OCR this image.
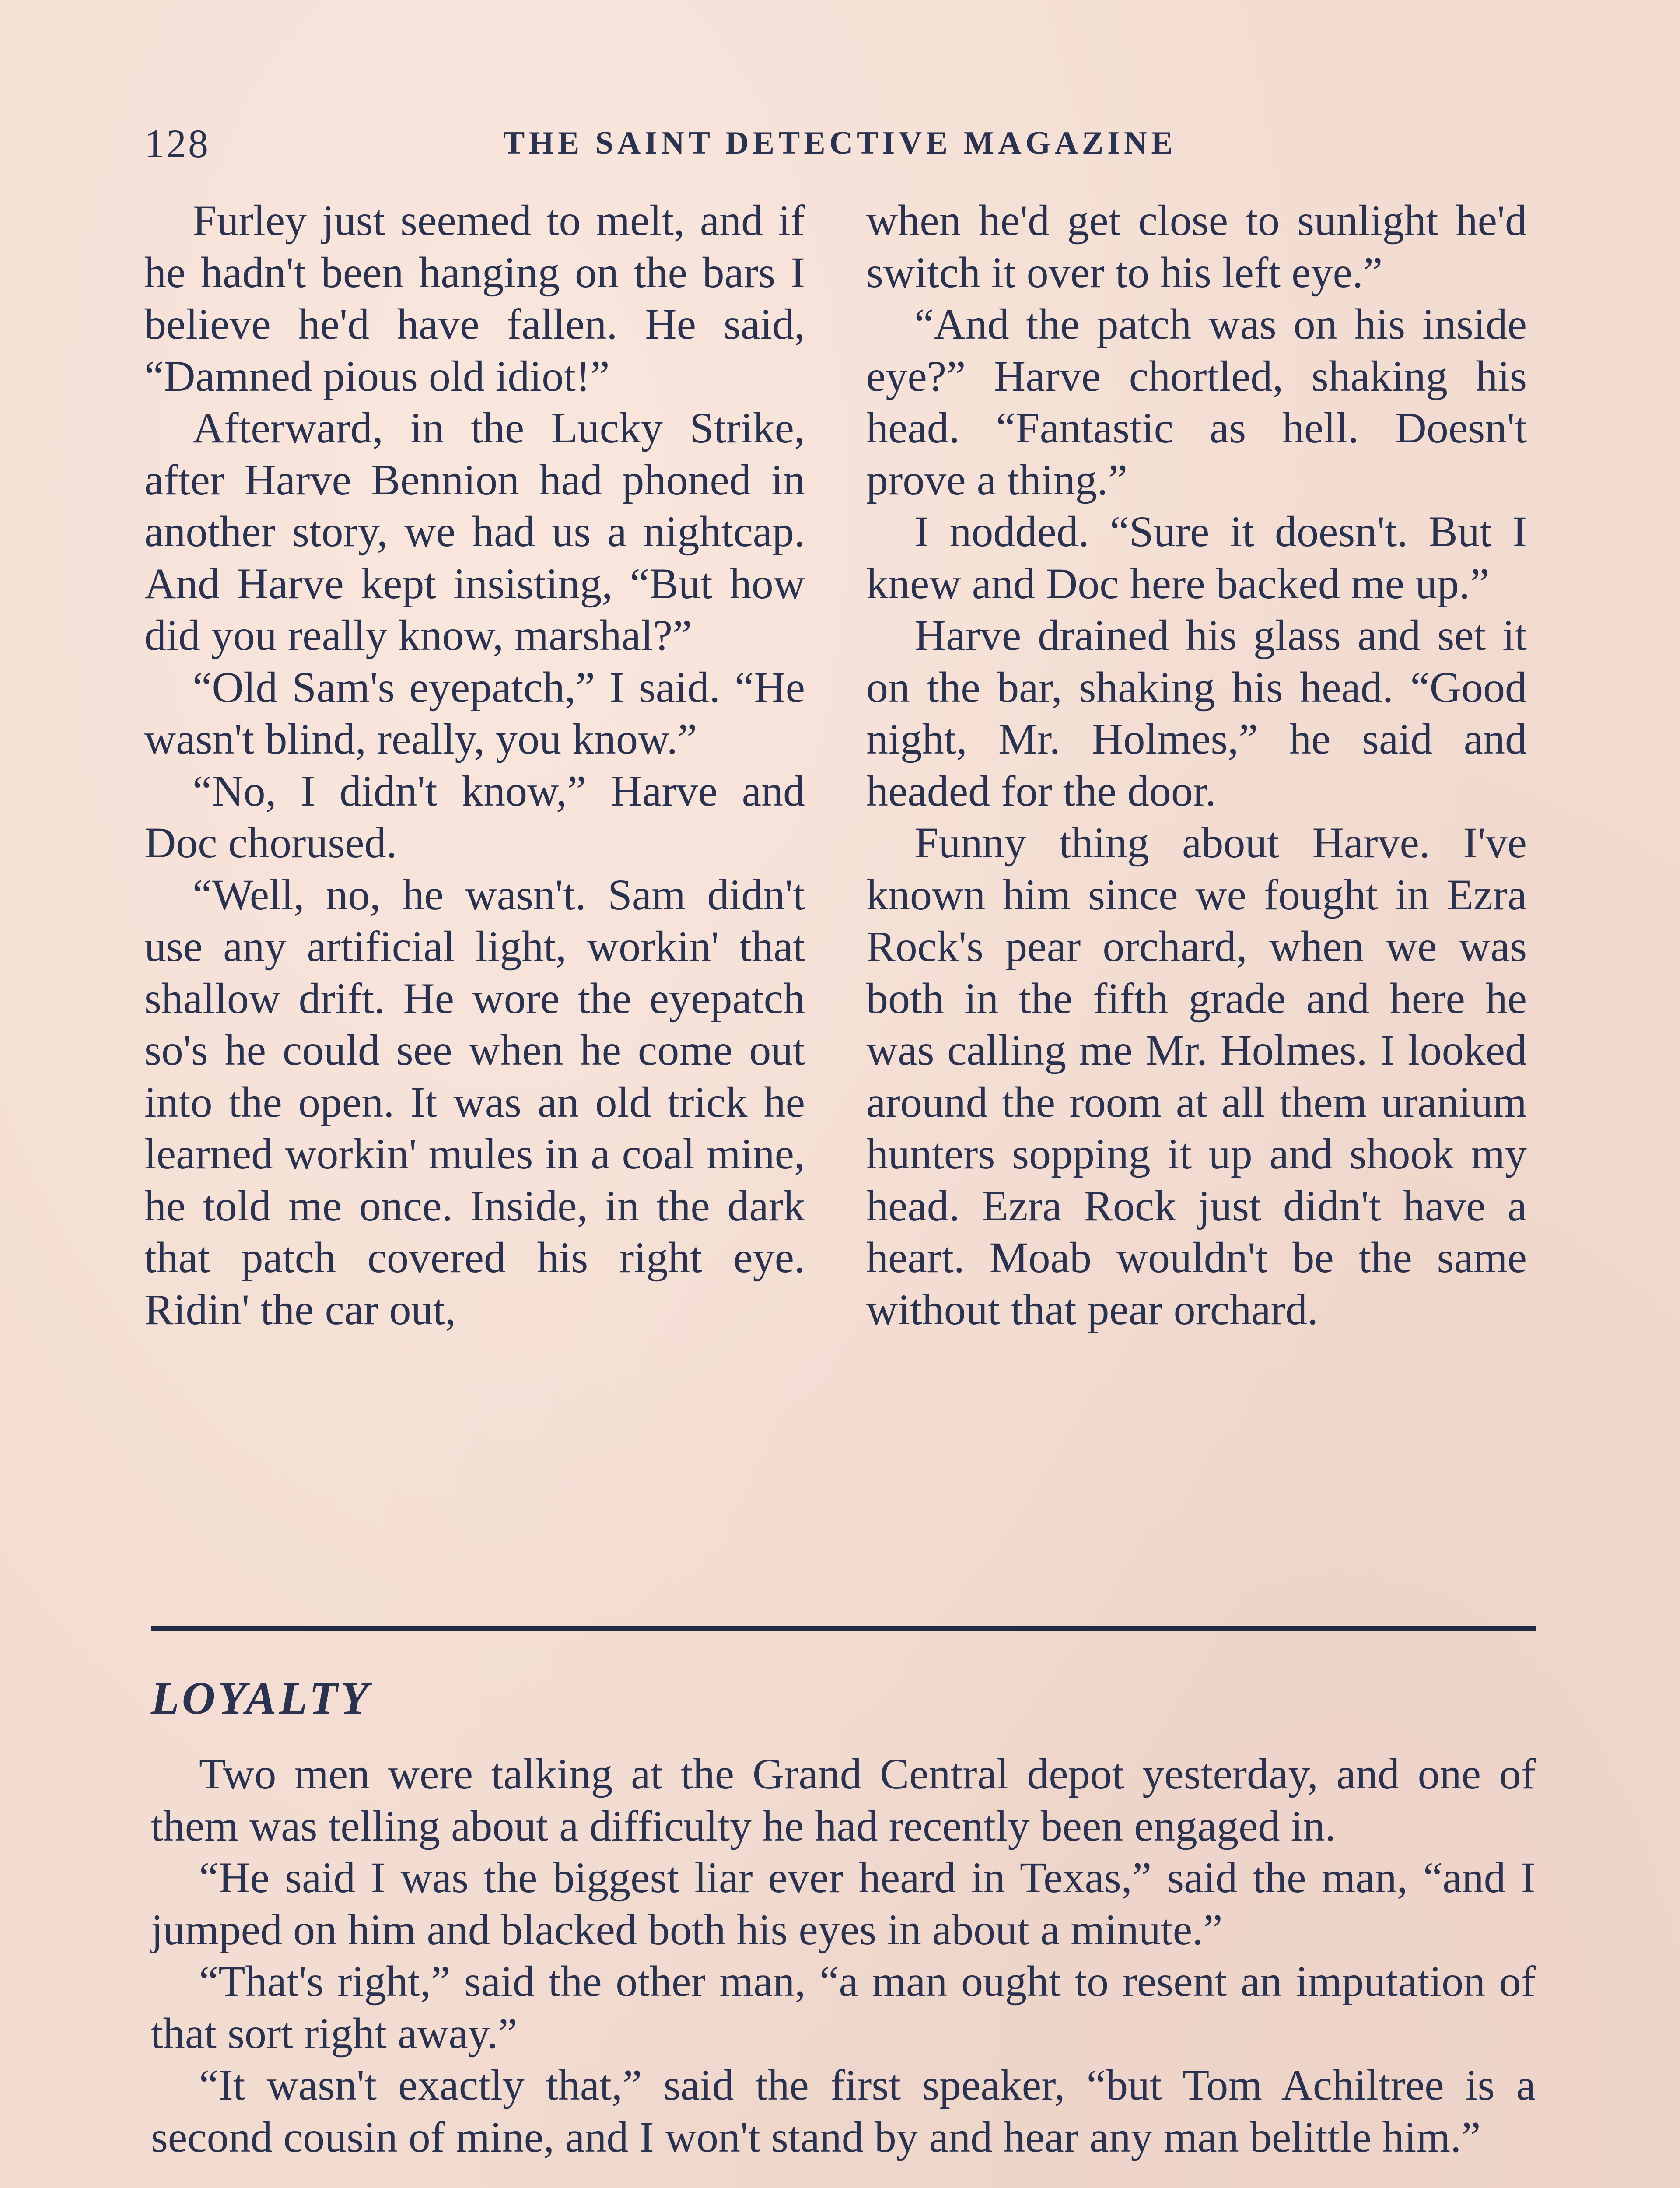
128	THE SAINT DETECTIVE MAGAZINE

Furley just seemed to melt, and if he hadn't been hanging on the bars I believe he'd have fallen. He said, “Damned pious old idiot!”

Afterward, in the Lucky Strike, after Harve Bennion had phoned in another story, we had us a nightcap. And Harve kept insisting, “But how did you really know, marshal?”

“Old Sam's eyepatch,” I said. “He wasn't blind, really, you know.”

“No, I didn't know,” Harve and Doc chorused.

“Well, no, he wasn't. Sam didn't use any artificial light, workin' that shallow drift. He wore the eyepatch so's he could see when he come out into the open. It was an old trick he learned workin' mules in a coal mine, he told me once. Inside, in the dark that patch covered his right eye. Ridin' the car out,

when he'd get close to sunlight he'd switch it over to his left eye.”

“And the patch was on his inside eye?” Harve chortled, shaking his head. “Fantastic as hell. Doesn't prove a thing.”

I nodded. “Sure it doesn't. But I knew and Doc here backed me up.”

Harve drained his glass and set it on the bar, shaking his head. “Good night, Mr. Holmes,” he said and headed for the door.

Funny thing about Harve. I've known him since we fought in Ezra Rock's pear orchard, when we was both in the fifth grade and here he was calling me Mr. Holmes. I looked around the room at all them uranium hunters sopping it up and shook my head. Ezra Rock just didn't have a heart. Moab wouldn't be the same without that pear orchard.

LOYALTY

Two men were talking at the Grand Central depot yesterday, and one of them was telling about a difficulty he had recently been engaged in.

“He said I was the biggest liar ever heard in Texas,” said the man, “and I jumped on him and blacked both his eyes in about a minute.”

“That's right,” said the other man, “a man ought to resent an imputation of that sort right away.”

“It wasn't exactly that,” said the first speaker, “but Tom Achiltree is a second cousin of mine, and I won't stand by and hear any man belittle him.”
